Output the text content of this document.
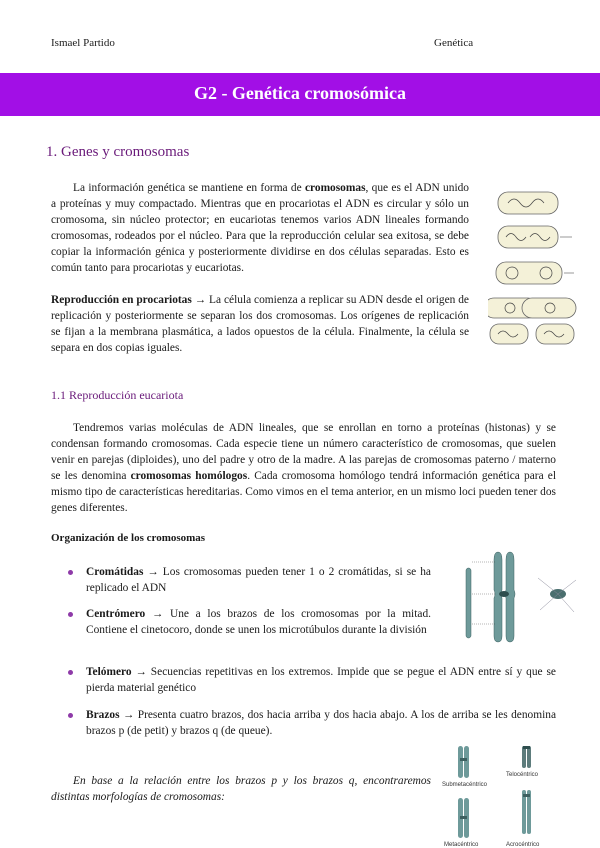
Ismael Partido	Genética
G2 - Genética cromosómica
1. Genes y cromosomas
La información genética se mantiene en forma de cromosomas, que es el ADN unido a proteínas y muy compactado. Mientras que en procariotas el ADN es circular y sólo un cromosoma, sin núcleo protector; en eucariotas tenemos varios ADN lineales formando cromosomas, rodeados por el núcleo. Para que la reproducción celular sea exitosa, se debe copiar la información génica y posteriormente dividirse en dos células separadas. Esto es común tanto para procariotas y eucariotas.
Reproducción en procariotas → La célula comienza a replicar su ADN desde el origen de replicación y posteriormente se separan los dos cromosomas. Los orígenes de replicación se fijan a la membrana plasmática, a lados opuestos de la célula. Finalmente, la célula se separa en dos copias iguales.
1.1 Reproducción eucariota
Tendremos varias moléculas de ADN lineales, que se enrollan en torno a proteínas (histonas) y se condensan formando cromosomas. Cada especie tiene un número característico de cromosomas, que suelen venir en parejas (diploides), uno del padre y otro de la madre. A las parejas de cromosomas paterno / materno se les denomina cromosomas homólogos. Cada cromosoma homólogo tendrá información genética para el mismo tipo de características hereditarias. Como vimos en el tema anterior, en un mismo loci pueden tener dos genes diferentes.
Organización de los cromosomas
Cromátidas → Los cromosomas pueden tener 1 o 2 cromátidas, si se ha replicado el ADN
Centrómero → Une a los brazos de los cromosomas por la mitad. Contiene el cinetocoro, donde se unen los microtúbulos durante la división
Telómero → Secuencias repetitivas en los extremos. Impide que se pegue el ADN entre sí y que se pierda material genético
Brazos → Presenta cuatro brazos, dos hacia arriba y dos hacia abajo. A los de arriba se les denomina brazos p (de petit) y brazos q (de queue).
En base a la relación entre los brazos p y los brazos q, encontraremos distintas morfologías de cromosomas:
Submetacéntrico
Telocéntrico
Metacéntrico	Acrocéntrico
